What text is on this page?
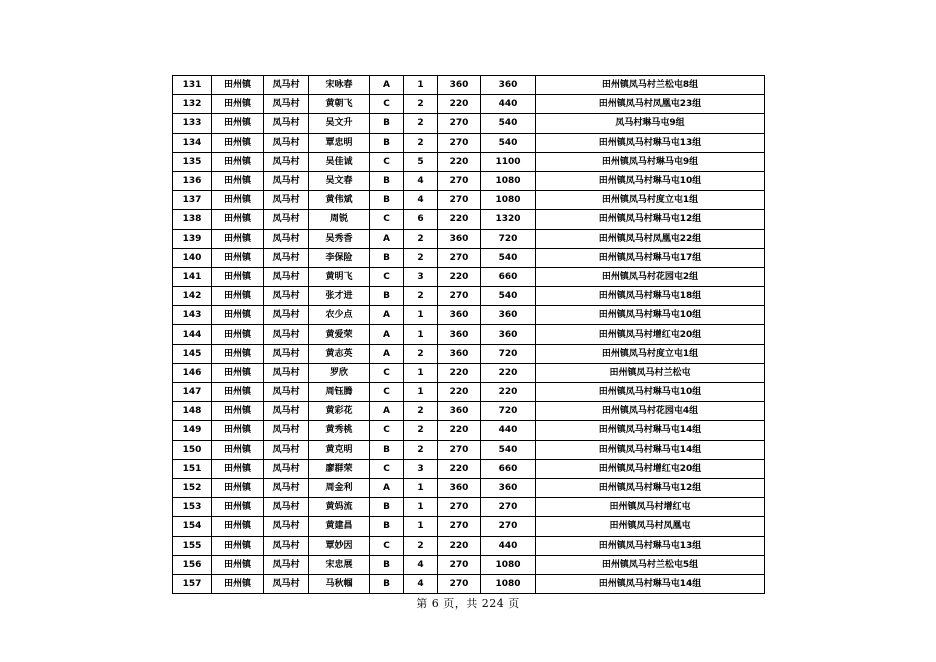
131	田州镇	凤马村	宋咏春	A	1	360	360	田州镇凤马村兰松屯8组
132	田州镇	凤马村	黄朝飞	C	2	220	440	田州镇凤马村凤凰屯23组
133	田州镇	凤马村	吴文升	B	2	270	540	凤马村琳马屯9组
134	田州镇	凤马村	覃忠明	B	2	270	540	田州镇凤马村琳马屯13组
135	田州镇	凤马村	吴佳诚	C	5	220	1100	田州镇凤马村琳马屯9组
136	田州镇	凤马村	吴文春	B	4	270	1080	田州镇凤马村琳马屯10组
137	田州镇	凤马村	黄伟斌	B	4	270	1080	田州镇凤马村度立屯1组
138	田州镇	凤马村	周锐	C	6	220	1320	田州镇凤马村琳马屯12组
139	田州镇	凤马村	吴秀香	A	2	360	720	田州镇凤马村凤凰屯22组
140	田州镇	凤马村	李保险	B	2	270	540	田州镇凤马村琳马屯17组
141	田州镇	凤马村	黄明飞	C	3	220	660	田州镇凤马村花园屯2组
142	田州镇	凤马村	张才进	B	2	270	540	田州镇凤马村琳马屯18组
143	田州镇	凤马村	农少点	A	1	360	360	田州镇凤马村琳马屯10组
144	田州镇	凤马村	黄爱荣	A	1	360	360	田州镇凤马村增红屯20组
145	田州镇	凤马村	黄志英	A	2	360	720	田州镇凤马村度立屯1组
146	田州镇	凤马村	罗欣	C	1	220	220	田州镇凤马村兰松屯
147	田州镇	凤马村	周钰腾	C	1	220	220	田州镇凤马村琳马屯10组
148	田州镇	凤马村	黄彩花	A	2	360	720	田州镇凤马村花园屯4组
149	田州镇	凤马村	黄秀桃	C	2	220	440	田州镇凤马村琳马屯14组
150	田州镇	凤马村	黄克明	B	2	270	540	田州镇凤马村琳马屯14组
151	田州镇	凤马村	廖群荣	C	3	220	660	田州镇凤马村增红屯20组
152	田州镇	凤马村	周金利	A	1	360	360	田州镇凤马村琳马屯12组
153	田州镇	凤马村	黄妈流	B	1	270	270	田州镇凤马村增红屯
154	田州镇	凤马村	黄建昌	B	1	270	270	田州镇凤马村凤凰屯
155	田州镇	凤马村	覃妙因	C	2	220	440	田州镇凤马村琳马屯13组
156	田州镇	凤马村	宋忠展	B	4	270	1080	田州镇凤马村兰松屯5组
157	田州镇	凤马村	马秋帼	B	4	270	1080	田州镇凤马村琳马屯14组
第 6 页，共 224 页
